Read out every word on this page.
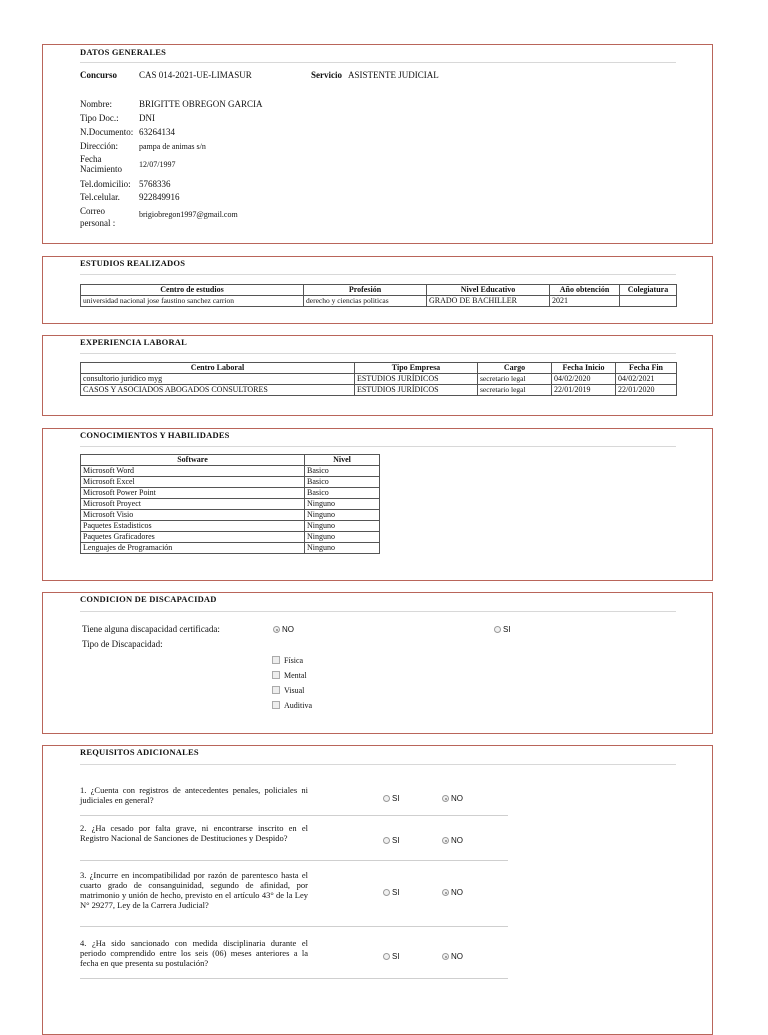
DATOS GENERALES
Concurso CAS 014-2021-UE-LIMASUR	Servicio ASISTENTE JUDICIAL
Nombre:	BRIGITTE OBREGON GARCIA
Tipo Doc.: DNI
N.Documento: 63264134
Dirección:	pampa de animas s/n
Fecha Nacimiento	12/07/1997
Tel.domicilio: 5768336
Tel.celular. 922849916
Correo personal :
brigiobregon1997@gmail.com
ESTUDIOS REALIZADOS
Centro de estudios	Profesión	Nivel Educativo	Año obtención	Colegiatura
universidad nacional jose faustino sanchez carrion	derecho y ciencias politicas	GRADO DE BACHILLER	2021	
EXPERIENCIA LABORAL
Centro Laboral	Tipo Empresa	Cargo	Fecha Inicio	Fecha Fin
consultorio juridico myg	ESTUDIOS JURÍDICOS	secretario legal	04/02/2020	04/02/2021
CASOS Y ASOCIADOS ABOGADOS CONSULTORES	ESTUDIOS JURÍDICOS	secretario legal	22/01/2019	22/01/2020
CONOCIMIENTOS Y HABILIDADES
Software	Nivel
Microsoft Word	Basico
Microsoft Excel	Basico
Microsoft Power Point	Basico
Microsoft Proyect	Ninguno
Microsoft Visio	Ninguno
Paquetes Estadisticos	Ninguno
Paquetes Graficadores	Ninguno
Lenguajes de Programación	Ninguno
CONDICION DE DISCAPACIDAD
Tiene alguna discapacidad certificada:	NO	SI
Tipo de Discapacidad:
Física
Mental
Visual
Auditiva
REQUISITOS ADICIONALES
1. ¿Cuenta con registros de antecedentes penales, policiales ni judiciales en general?	SI	NO
2. ¿Ha cesado por falta grave, ni encontrarse inscrito en el Registro Nacional de Sanciones de Destituciones y Despido?	SI	NO
3. ¿Incurre en incompatibilidad por razón de parentesco hasta el cuarto grado de consanguinidad, segundo de afinidad, por matrimonio y unión de hecho, previsto en el artículo 43° de la Ley N° 29277, Ley de la Carrera Judicial?
SI	NO
4. ¿Ha sido sancionado con medida disciplinaria durante el periodo comprendido entre los seis (06) meses anteriores a la fecha en que presenta su postulación?
SI	NO
